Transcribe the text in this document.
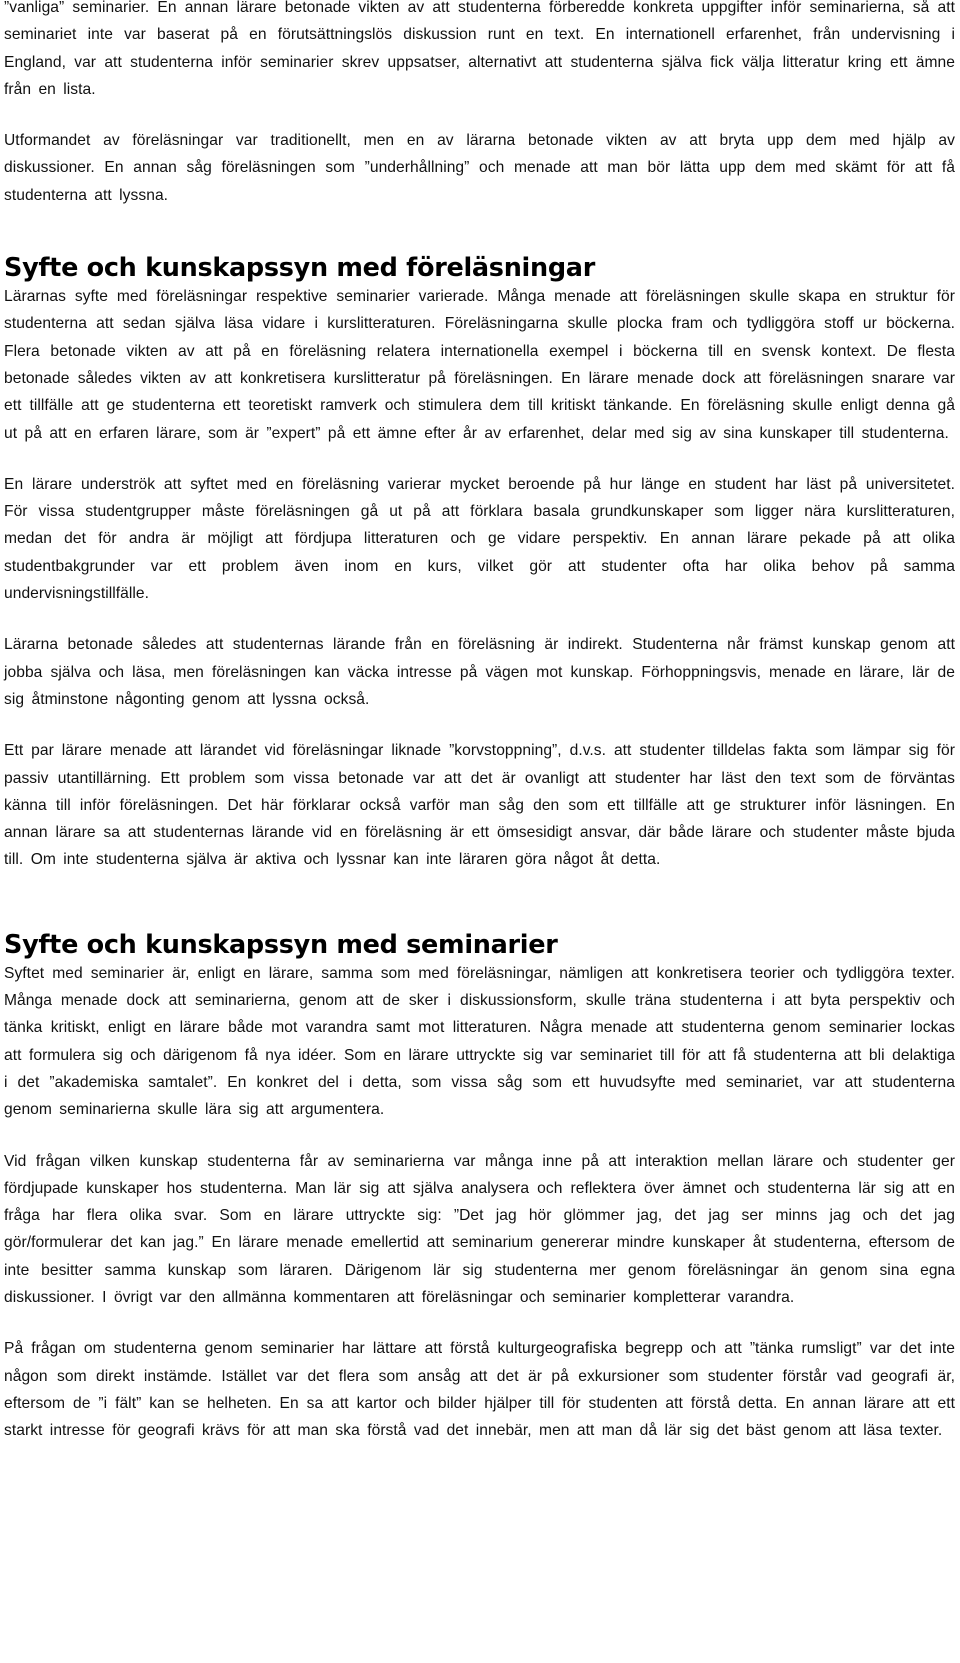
”vanliga” seminarier. En annan lärare betonade vikten av att studenterna förberedde konkreta uppgifter inför seminarierna, så att seminariet inte var baserat på en förutsättningslös diskussion runt en text. En internationell erfarenhet, från undervisning i England, var att studenterna inför seminarier skrev uppsatser, alternativt att studenterna själva fick välja litteratur kring ett ämne från en lista.

Utformandet av föreläsningar var traditionellt, men en av lärarna betonade vikten av att bryta upp dem med hjälp av diskussioner. En annan såg föreläsningen som ”underhållning” och menade att man bör lätta upp dem med skämt för att få studenterna att lyssna.

Syfte och kunskapssyn med föreläsningar

Lärarnas syfte med föreläsningar respektive seminarier varierade. Många menade att föreläsningen skulle skapa en struktur för studenterna att sedan själva läsa vidare i kurslitteraturen. Föreläsningarna skulle plocka fram och tydliggöra stoff ur böckerna. Flera betonade vikten av att på en föreläsning relatera internationella exempel i böckerna till en svensk kontext. De flesta betonade således vikten av att konkretisera kurslitteratur på föreläsningen. En lärare menade dock att föreläsningen snarare var ett tillfälle att ge studenterna ett teoretiskt ramverk och stimulera dem till kritiskt tänkande. En föreläsning skulle enligt denna gå ut på att en erfaren lärare, som är ”expert” på ett ämne efter år av erfarenhet, delar med sig av sina kunskaper till studenterna.

En lärare underströk att syftet med en föreläsning varierar mycket beroende på hur länge en student har läst på universitetet. För vissa studentgrupper måste föreläsningen gå ut på att förklara basala grundkunskaper som ligger nära kurslitteraturen, medan det för andra är möjligt att fördjupa litteraturen och ge vidare perspektiv. En annan lärare pekade på att olika studentbakgrunder var ett problem även inom en kurs, vilket gör att studenter ofta har olika behov på samma undervisningstillfälle.

Lärarna betonade således att studenternas lärande från en föreläsning är indirekt. Studenterna når främst kunskap genom att jobba själva och läsa, men föreläsningen kan väcka intresse på vägen mot kunskap. Förhoppningsvis, menade en lärare, lär de sig åtminstone någonting genom att lyssna också.

Ett par lärare menade att lärandet vid föreläsningar liknade ”korvstoppning”, d.v.s. att studenter tilldelas fakta som lämpar sig för passiv utantillärning. Ett problem som vissa betonade var att det är ovanligt att studenter har läst den text som de förväntas känna till inför föreläsningen. Det här förklarar också varför man såg den som ett tillfälle att ge strukturer inför läsningen. En annan lärare sa att studenternas lärande vid en föreläsning är ett ömsesidigt ansvar, där både lärare och studenter måste bjuda till. Om inte studenterna själva är aktiva och lyssnar kan inte läraren göra något åt detta.

Syfte och kunskapssyn med seminarier

Syftet med seminarier är, enligt en lärare, samma som med föreläsningar, nämligen att konkretisera teorier och tydliggöra texter. Många menade dock att seminarierna, genom att de sker i diskussionsform, skulle träna studenterna i att byta perspektiv och tänka kritiskt, enligt en lärare både mot varandra samt mot litteraturen. Några menade att studenterna genom seminarier lockas att formulera sig och därigenom få nya idéer. Som en lärare uttryckte sig var seminariet till för att få studenterna att bli delaktiga i det ”akademiska samtalet”. En konkret del i detta, som vissa såg som ett huvudsyfte med seminariet, var att studenterna genom seminarierna skulle lära sig att argumentera.

Vid frågan vilken kunskap studenterna får av seminarierna var många inne på att interaktion mellan lärare och studenter ger fördjupade kunskaper hos studenterna. Man lär sig att själva analysera och reflektera över ämnet och studenterna lär sig att en fråga har flera olika svar. Som en lärare uttryckte sig: ”Det jag hör glömmer jag, det jag ser minns jag och det jag gör/formulerar det kan jag.” En lärare menade emellertid att seminarium genererar mindre kunskaper åt studenterna, eftersom de inte besitter samma kunskap som läraren. Därigenom lär sig studenterna mer genom föreläsningar än genom sina egna diskussioner. I övrigt var den allmänna kommentaren att föreläsningar och seminarier kompletterar varandra.

På frågan om studenterna genom seminarier har lättare att förstå kulturgeografiska begrepp och att ”tänka rumsligt” var det inte någon som direkt instämde. Istället var det flera som ansåg att det är på exkursioner som studenter förstår vad geografi är, eftersom de ”i fält” kan se helheten. En sa att kartor och bilder hjälper till för studenten att förstå detta. En annan lärare att ett starkt intresse för geografi krävs för att man ska förstå vad det innebär, men att man då lär sig det bäst genom att läsa texter.
